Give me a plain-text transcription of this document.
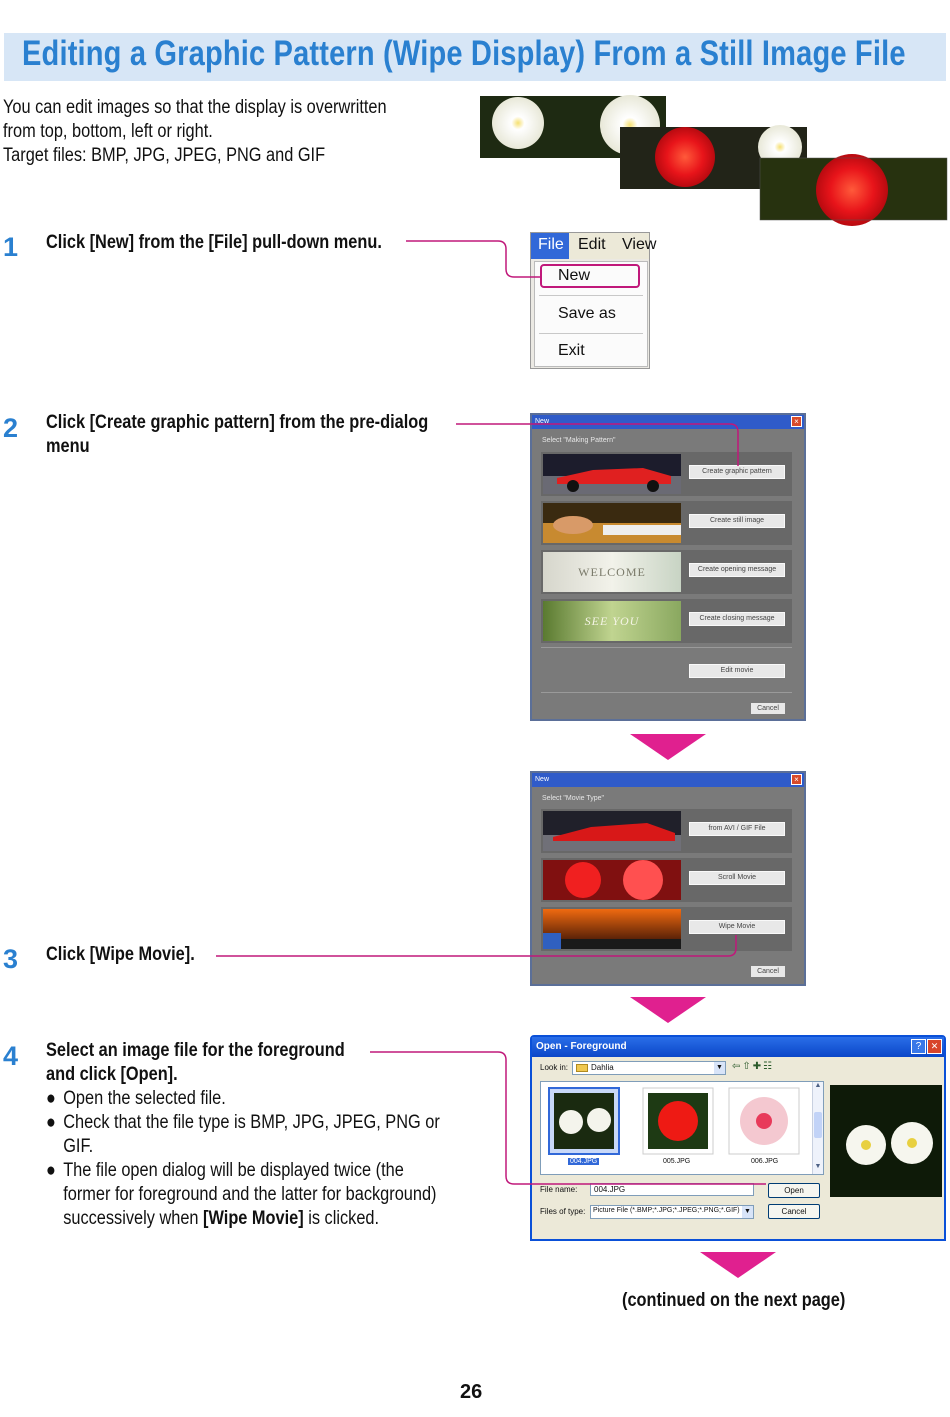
Editing a Graphic Pattern (Wipe Display) From a Still Image File
You can edit images so that the display is overwritten
from top, bottom, left or right.
Target files: BMP, JPG, JPEG, PNG and GIF
1 Click [New] from the [File] pull-down menu.	File Edit View
New
Save as
Exit
2 Click [Create graphic pattern] from the pre-dialog
menu
New	×
Select "Making Pattern"
Create graphic pattern
Create still image
WELCOME	Create opening message
SEE YOU	Create closing message
Edit movie
Cancel
New	×
Select "Movie Type"
from AVI / GIF File
Scroll Movie
Wipe Movie
Cancel
3 Click [Wipe Movie].
4 Select an image file for the foreground
and click [Open].
● Open the selected file.
● Check that the file type is BMP, JPG, JPEG, PNG or
GIF.
● The file open dialog will be displayed twice (the
former for foreground and the latter for background)
successively when [Wipe Movie] is clicked.
Open - Foreground	?	✕
Look in:	Dahlia	▼ ⇦⇧✚☷
004.JPG	005.JPG	006.JPG
▲
▼
File name:	004.JPG	Open
Files of type: Picture File (*.BMP;*.JPG;*.JPEG;*.PNG;*.GIF) ▼	Cancel
(continued on the next page)
26
